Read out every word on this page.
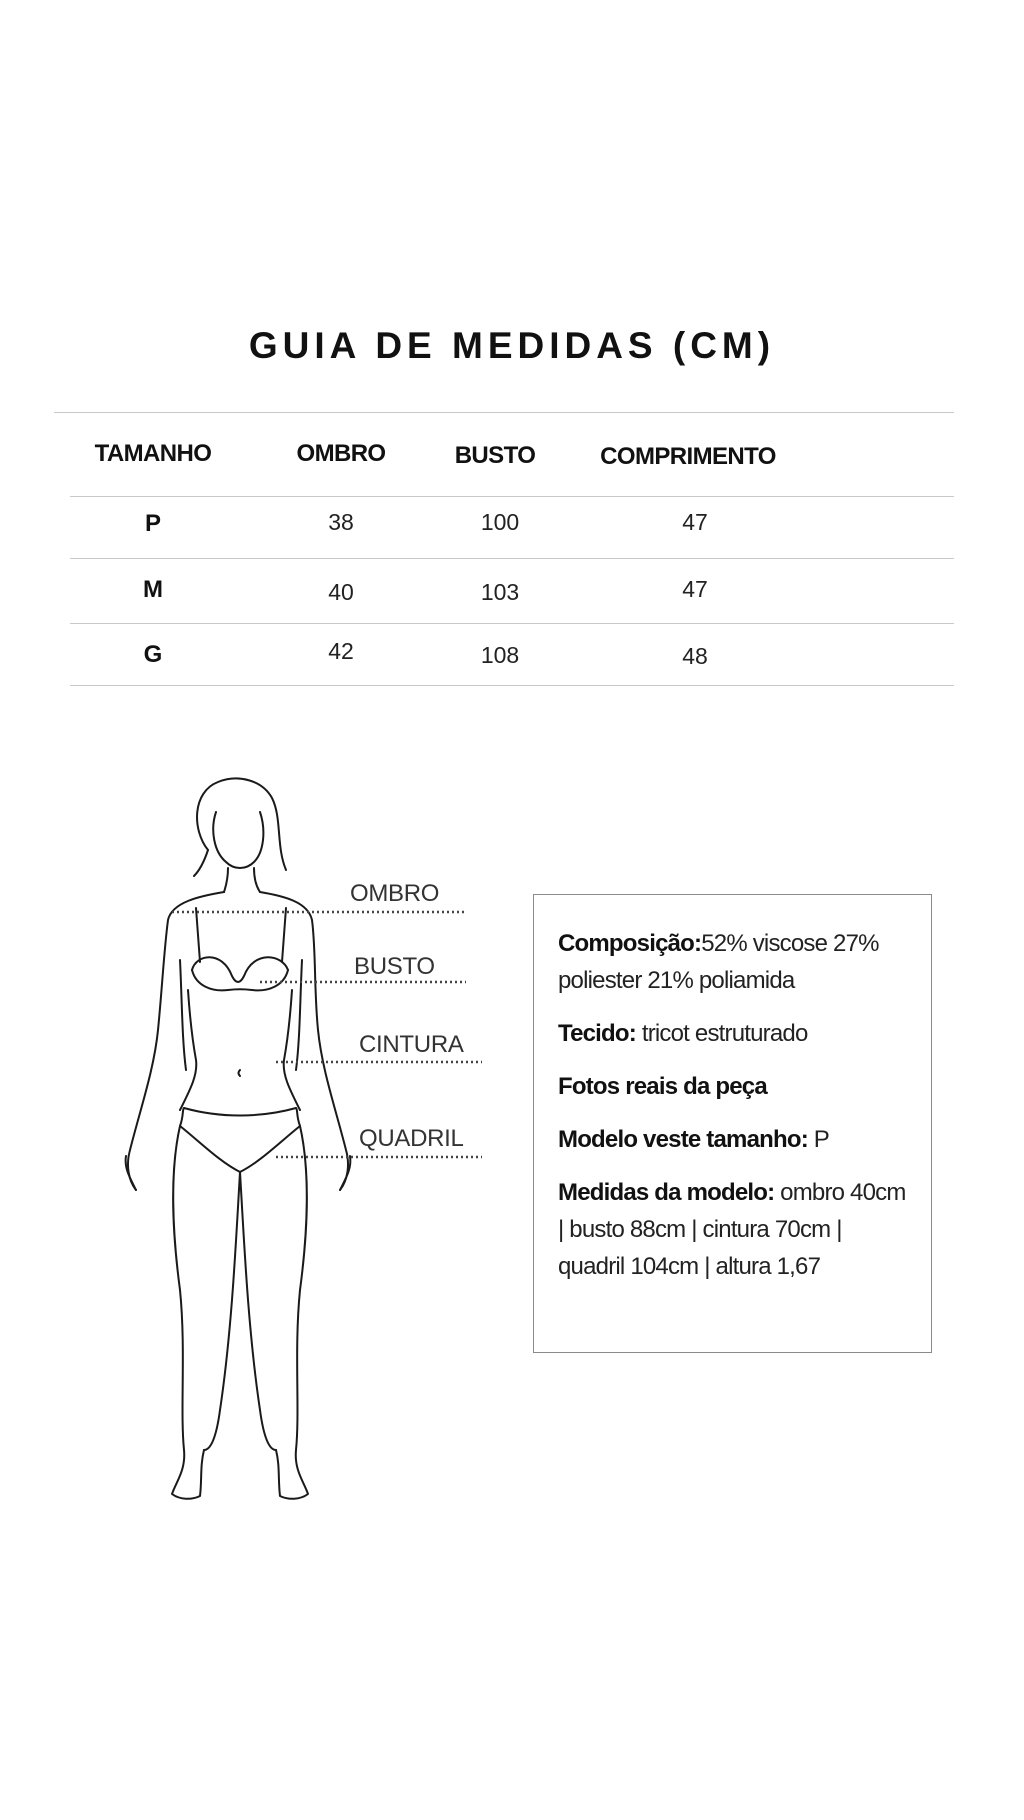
GUIA DE MEDIDAS (CM)
TAMANHO	OMBRO	BUSTO	COMPRIMENTO
P	38	100	47
M	40	103	47
G	42	108	48
OMBRO
BUSTO
CINTURA
QUADRIL

Composição:52% viscose 27% poliester 21% poliamida

Tecido: tricot estruturado

Fotos reais da peça

Modelo veste tamanho: P

Medidas da modelo: ombro 40cm | busto 88cm | cintura 70cm | quadril 104cm | altura 1,67
